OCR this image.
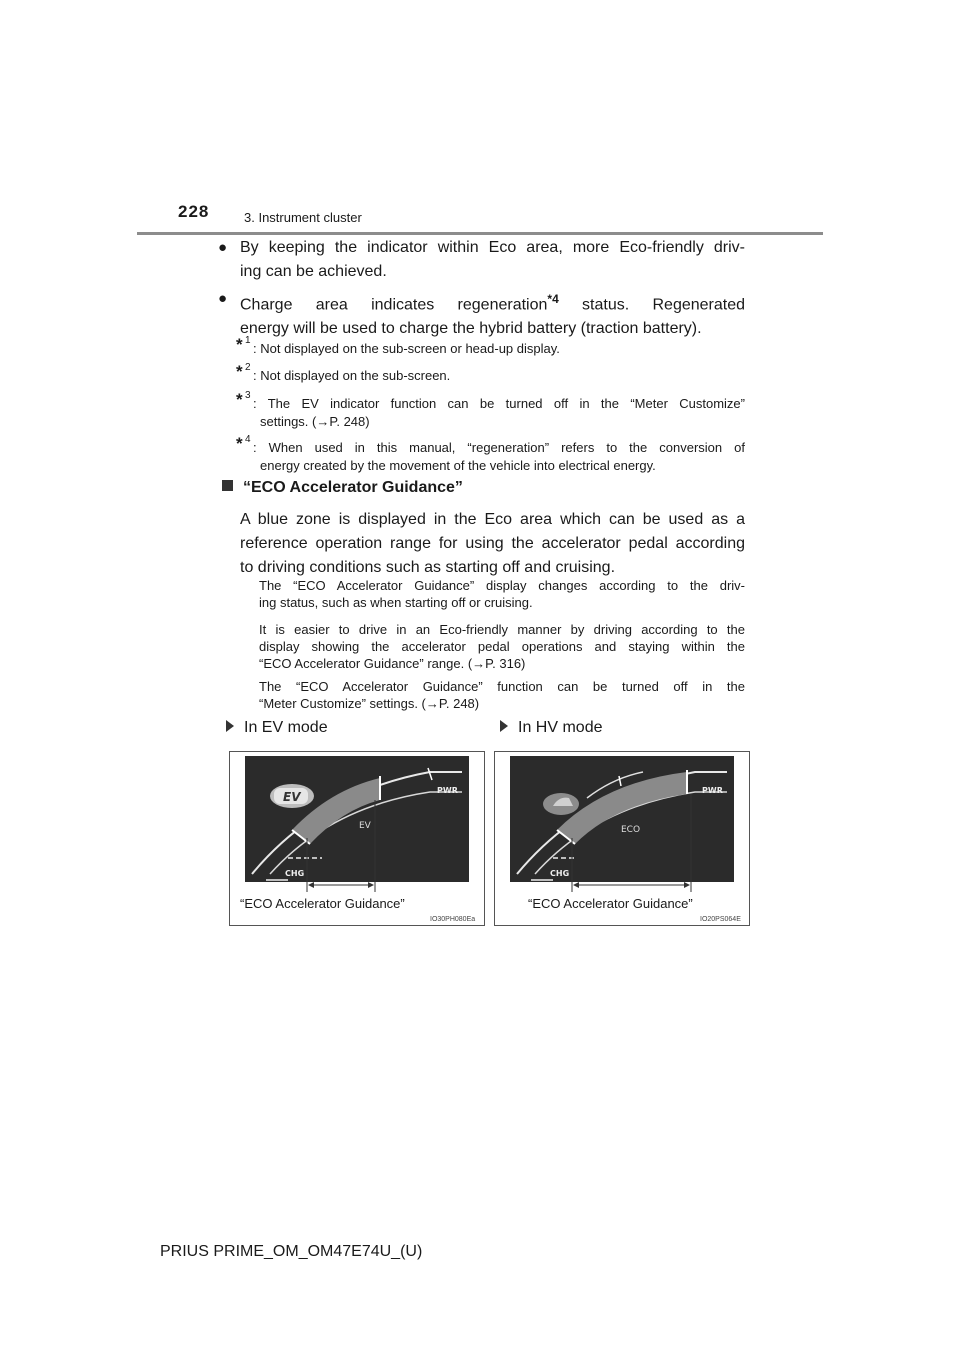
228	3. Instrument cluster
● By keeping the indicator within Eco area, more Eco-friendly driv-
ing can be achieved.
● Charge area indicates regeneration$^{*4}$ status. Regenerated
energy will be used to charge the hybrid battery (traction battery).
* 1
: Not displayed on the sub-screen or head-up display.
* 2
: Not displayed on the sub-screen.
* 3
: The EV indicator function can be turned off in the “Meter Customize”
settings. (→P. 248)
* 4
: When used in this manual, “regeneration” refers to the conversion of
energy created by the movement of the vehicle into electrical energy.
“ECO Accelerator Guidance”
A blue zone is displayed in the Eco area which can be used as a
reference operation range for using the accelerator pedal according
to driving conditions such as starting off and cruising.
The “ECO Accelerator Guidance” display changes according to the driv-
ing status, such as when starting off or cruising.
It is easier to drive in an Eco-friendly manner by driving according to the
display showing the accelerator pedal operations and staying within the
“ECO Accelerator Guidance” range. (→P. 316)
The “ECO Accelerator Guidance” function can be turned off in the
“Meter Customize” settings. (→P. 248)
In EV mode	In HV mode
EV
EV
PWR
CHG
“ECO Accelerator Guidance”
IO30PH080Ea
ECO
PWR
CHG
“ECO Accelerator Guidance”
IO20PS064E
PRIUS PRIME_OM_OM47E74U_(U)
